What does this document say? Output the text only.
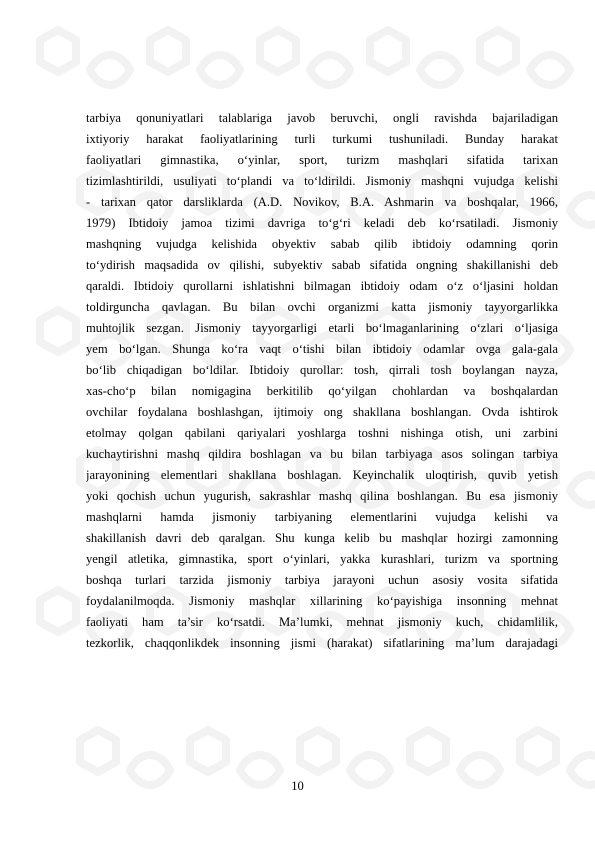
tarbiya qonuniyatlari talablariga javob beruvchi, ongli ravishda bajariladigan
ixtiyoriy harakat faoliyatlarining turli turkumi tushuniladi. Bunday harakat
faoliyatlari gimnastika, o‘yinlar, sport, turizm mashqlari sifatida tarixan
tizimlashtirildi, usuliyati to‘plandi va to‘ldirildi. Jismoniy mashqni vujudga kelishi
- tarixan qator darsliklarda (A.D. Novikov, B.A. Ashmarin va boshqalar, 1966,
1979) Ibtidoiy jamoa tizimi davriga to‘g‘ri keladi deb ko‘rsatiladi. Jismoniy
mashqning vujudga kelishida obyektiv sabab qilib ibtidoiy odamning qorin
to‘ydirish maqsadida ov qilishi, subyektiv sabab sifatida ongning shakillanishi deb
qaraldi. Ibtidoiy qurollarni ishlatishni bilmagan ibtidoiy odam o‘z o‘ljasini holdan
toldirguncha qavlagan. Bu bilan ovchi organizmi katta jismoniy tayyorgarlikka
muhtojlik sezgan. Jismoniy tayyorgarligi etarli bo‘lmaganlarining o‘zlari o‘ljasiga
yem bo‘lgan. Shunga ko‘ra vaqt o‘tishi bilan ibtidoiy odamlar ovga gala-gala
bo‘lib chiqadigan bo‘ldilar. Ibtidoiy qurollar: tosh, qirrali tosh boylangan nayza,
xas-cho‘p bilan nomigagina berkitilib qo‘yilgan chohlardan va boshqalardan
ovchilar foydalana boshlashgan, ijtimoiy ong shakllana boshlangan. Ovda ishtirok
etolmay qolgan qabilani qariyalari yoshlarga toshni nishinga otish, uni zarbini
kuchaytirishni mashq qildira boshlagan va bu bilan tarbiyaga asos solingan tarbiya
jarayonining elementlari shakllana boshlagan. Keyinchalik uloqtirish, quvib yetish
yoki qochish uchun yugurish, sakrashlar mashq qilina boshlangan. Bu esa jismoniy
mashqlarni hamda jismoniy tarbiyaning elementlarini vujudga kelishi va
shakillanish davri deb qaralgan. Shu kunga kelib bu mashqlar hozirgi zamonning
yengil atletika, gimnastika, sport o‘yinlari, yakka kurashlari, turizm va sportning
boshqa turlari tarzida jismoniy tarbiya jarayoni uchun asosiy vosita sifatida
foydalanilmoqda. Jismoniy mashqlar xillarining ko‘payishiga insonning mehnat
faoliyati ham ta’sir ko‘rsatdi. Ma’lumki, mehnat jismoniy kuch, chidamlilik,
tezkorlik, chaqqonlikdek insonning jismi (harakat) sifatlarining ma’lum darajadagi
10
